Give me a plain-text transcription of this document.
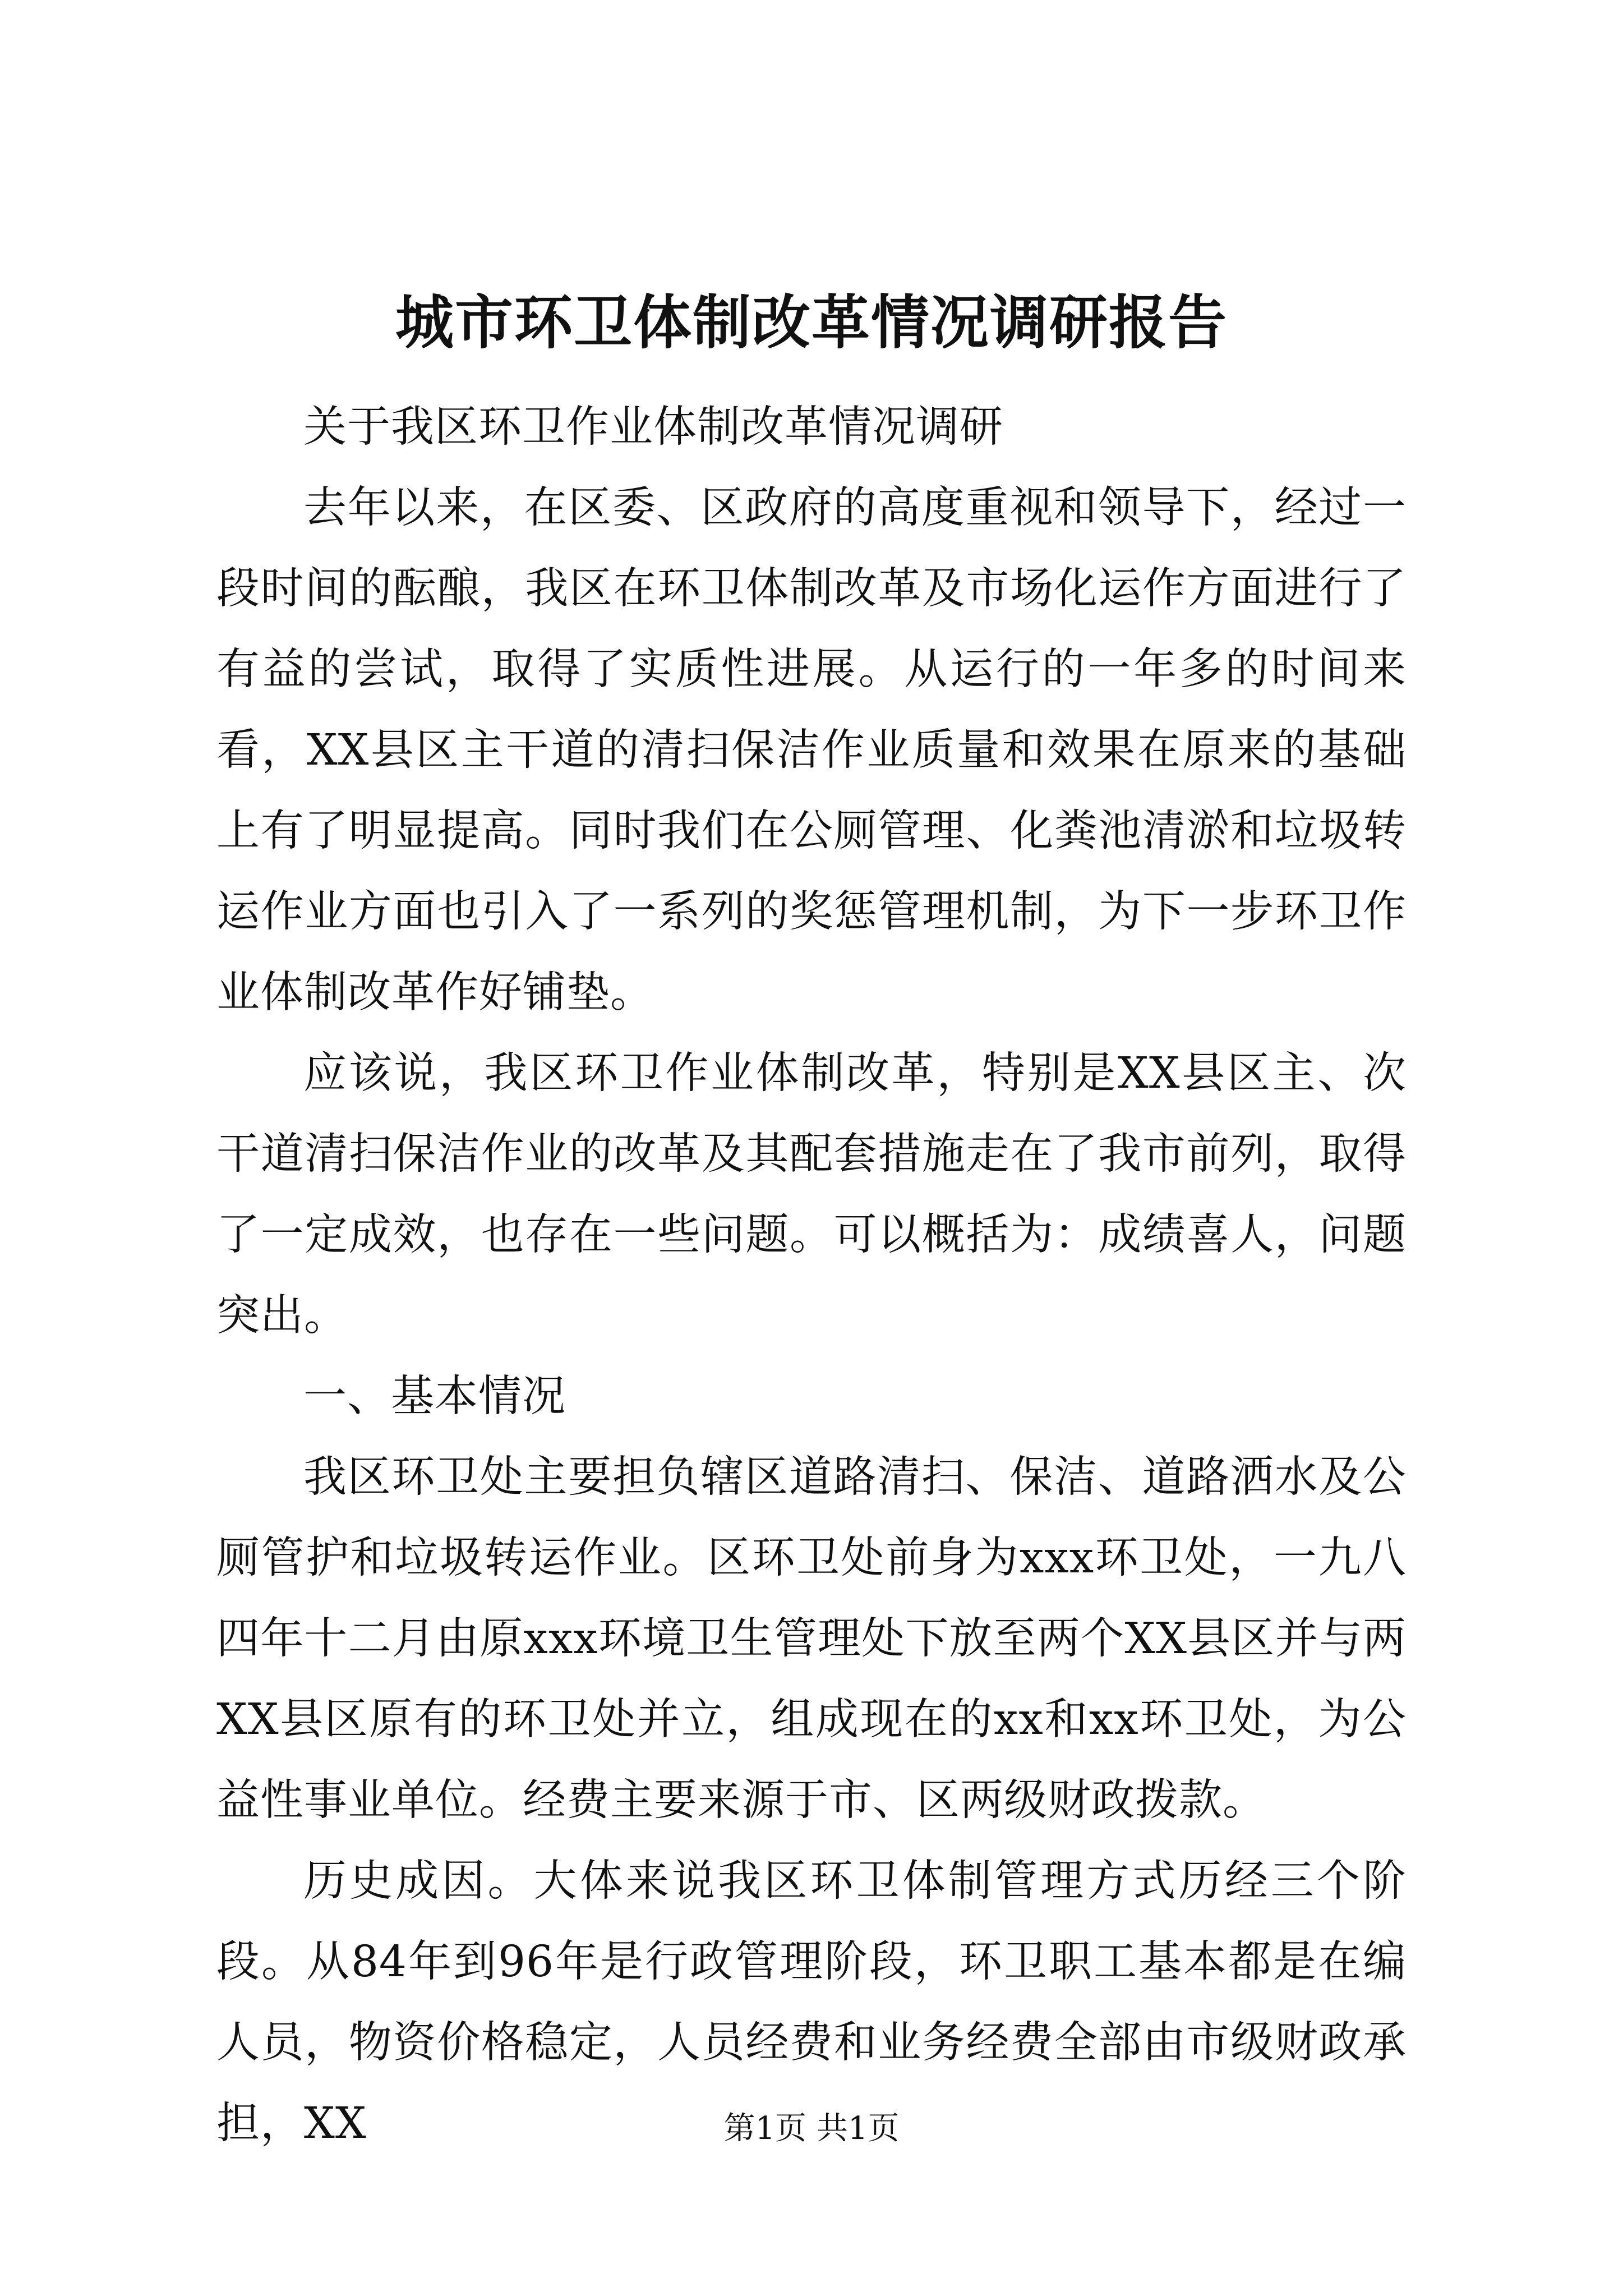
城市环卫体制改革情况调研报告

关于我区环卫作业体制改革情况调研

去年以来，在区委、区政府的高度重视和领导下，经过一段时间的酝酿，我区在环卫体制改革及市场化运作方面进行了有益的尝试，取得了实质性进展。从运行的一年多的时间来看，XX县区主干道的清扫保洁作业质量和效果在原来的基础上有了明显提高。同时我们在公厕管理、化粪池清淤和垃圾转运作业方面也引入了一系列的奖惩管理机制，为下一步环卫作业体制改革作好铺垫。

应该说，我区环卫作业体制改革，特别是XX县区主、次干道清扫保洁作业的改革及其配套措施走在了我市前列，取得了一定成效，也存在一些问题。可以概括为：成绩喜人，问题突出。

一、基本情况

我区环卫处主要担负辖区道路清扫、保洁、道路洒水及公厕管护和垃圾转运作业。区环卫处前身为xxx环卫处，一九八四年十二月由原xxx环境卫生管理处下放至两个XX县区并与两XX县区原有的环卫处并立，组成现在的xx和xx环卫处，为公益性事业单位。经费主要来源于市、区两级财政拨款。

历史成因。大体来说我区环卫体制管理方式历经三个阶段。从84年到96年是行政管理阶段，环卫职工基本都是在编人员，物资价格稳定，人员经费和业务经费全部由市级财政承担，XX	第1页 共1页
